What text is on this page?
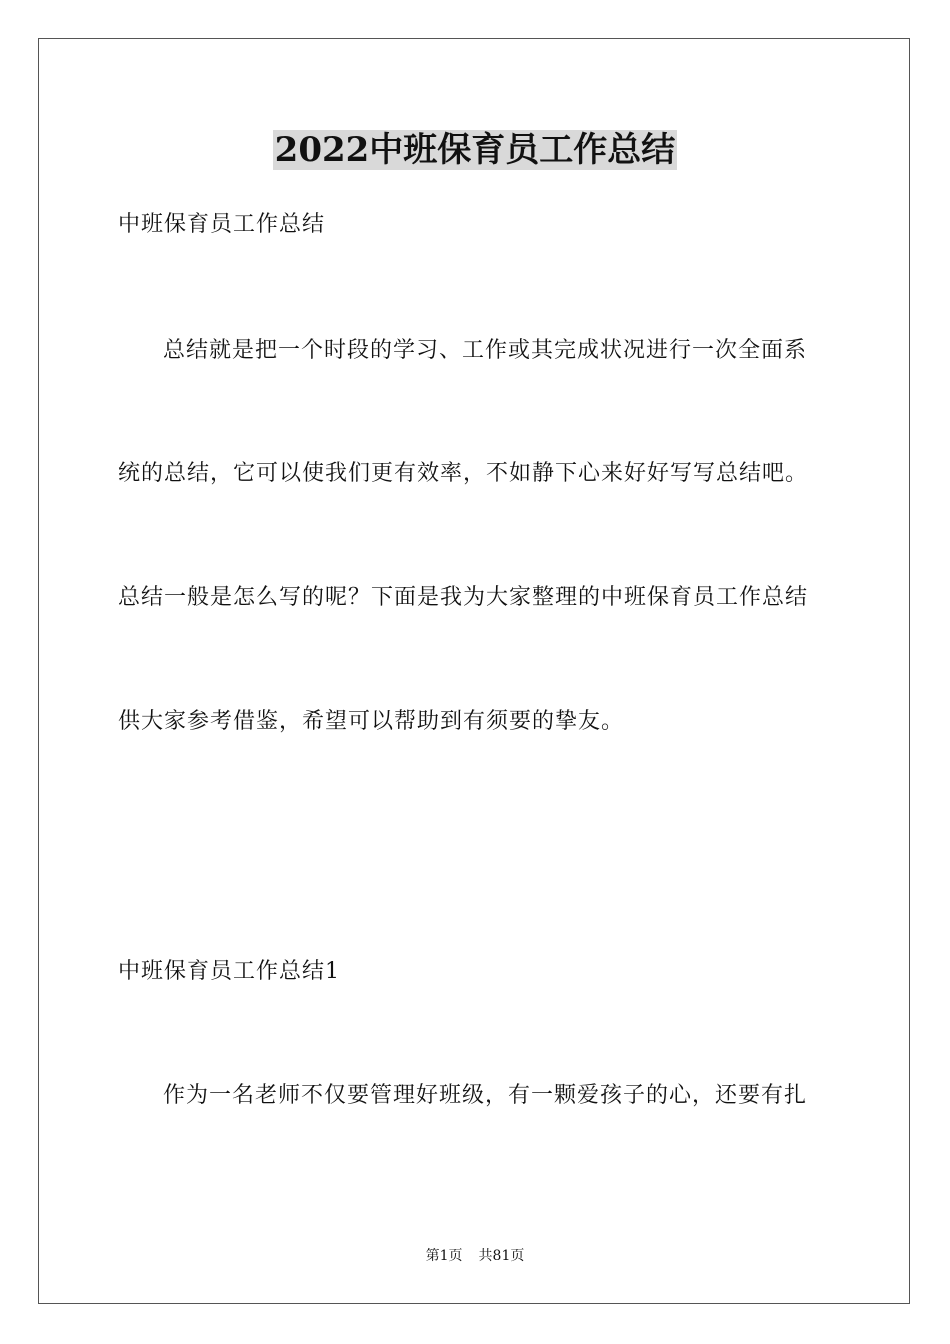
2022中班保育员工作总结
中班保育员工作总结
总结就是把一个时段的学习、工作或其完成状况进行一次全面系
统的总结，它可以使我们更有效率，不如静下心来好好写写总结吧。
总结一般是怎么写的呢？下面是我为大家整理的中班保育员工作总结
供大家参考借鉴，希望可以帮助到有须要的挚友。
中班保育员工作总结1
作为一名老师不仅要管理好班级，有一颗爱孩子的心，还要有扎
第1页 共81页
